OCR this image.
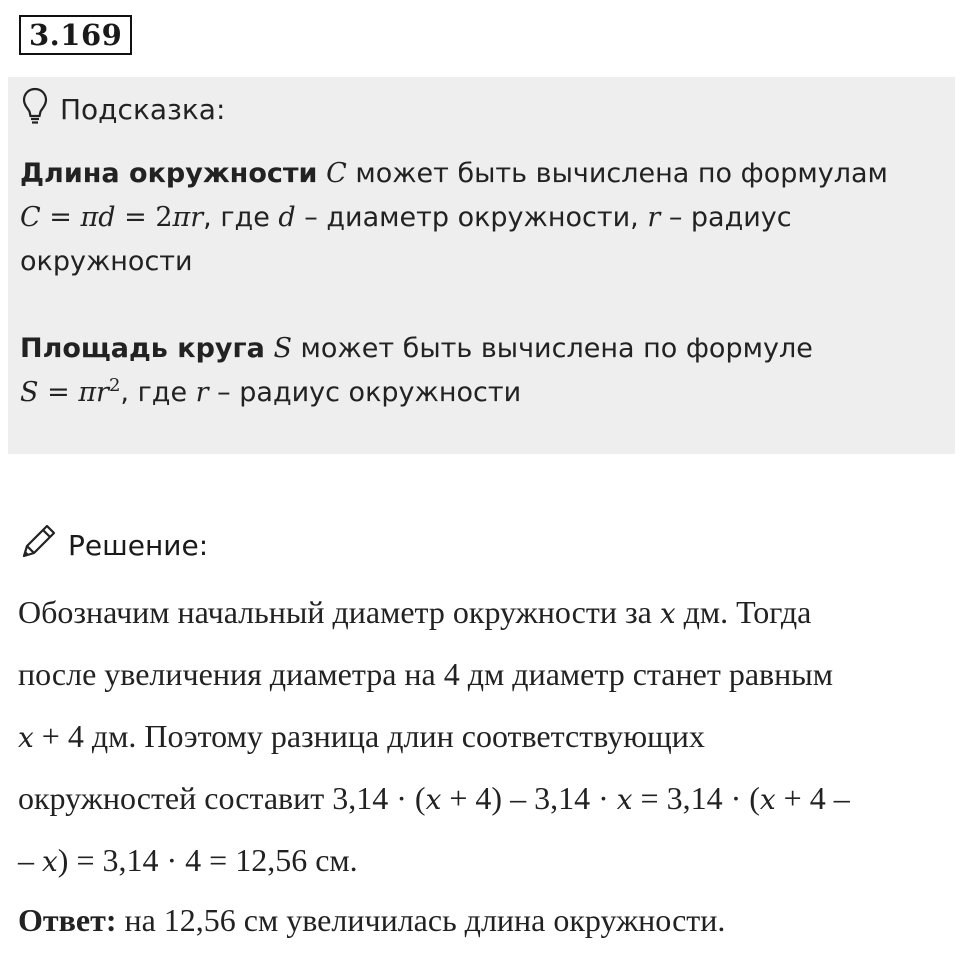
3.169
Подсказка:

Длина окружности C может быть вычислена по формулам

C = πd = 2πr, где d – диаметр окружности, r – радиус

окружности

Площадь круга S может быть вычислена по формуле

$S = \pi r^2$, где r – радиус окружности

Решение:
Обозначим начальный диаметр окружности за x дм. Тогда
после увеличения диаметра на 4 дм диаметр станет равным
x + 4 дм. Поэтому разница длин соответствующих
окружностей составит 3,14 · (x + 4) – 3,14 · x = 3,14 · (x + 4 –
– x) = 3,14 · 4 = 12,56 см.
Ответ: на 12,56 см увеличилась длина окружности.
